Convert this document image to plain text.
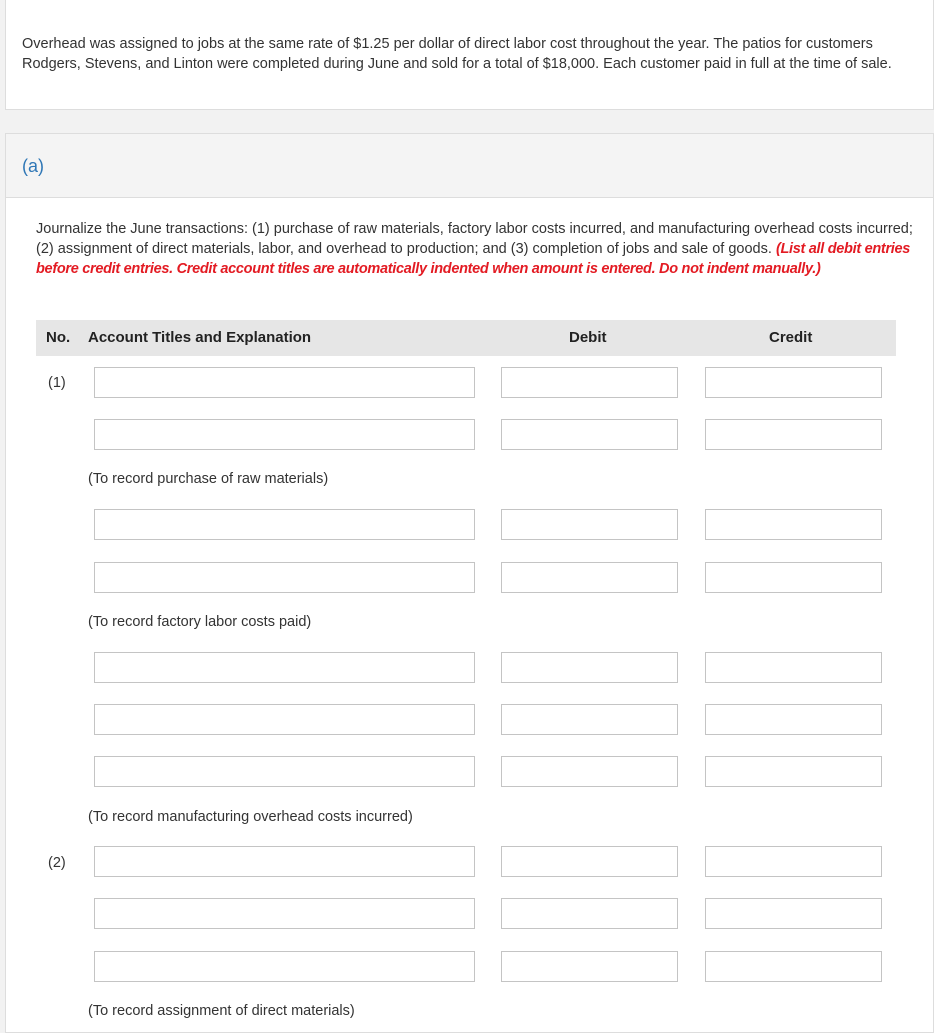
Overhead was assigned to jobs at the same rate of $1.25 per dollar of direct labor cost throughout the year. The patios for customers Rodgers, Stevens, and Linton were completed during June and sold for a total of $18,000. Each customer paid in full at the time of sale.
(a)
Journalize the June transactions: (1) purchase of raw materials, factory labor costs incurred, and manufacturing overhead costs incurred; (2) assignment of direct materials, labor, and overhead to production; and (3) completion of jobs and sale of goods. (List all debit entries before credit entries. Credit account titles are automatically indented when amount is entered. Do not indent manually.)
No. Account Titles and Explanation	Debit	Credit
(1)
(To record purchase of raw materials)
(To record factory labor costs paid)
(To record manufacturing overhead costs incurred)
(2)
(To record assignment of direct materials)
